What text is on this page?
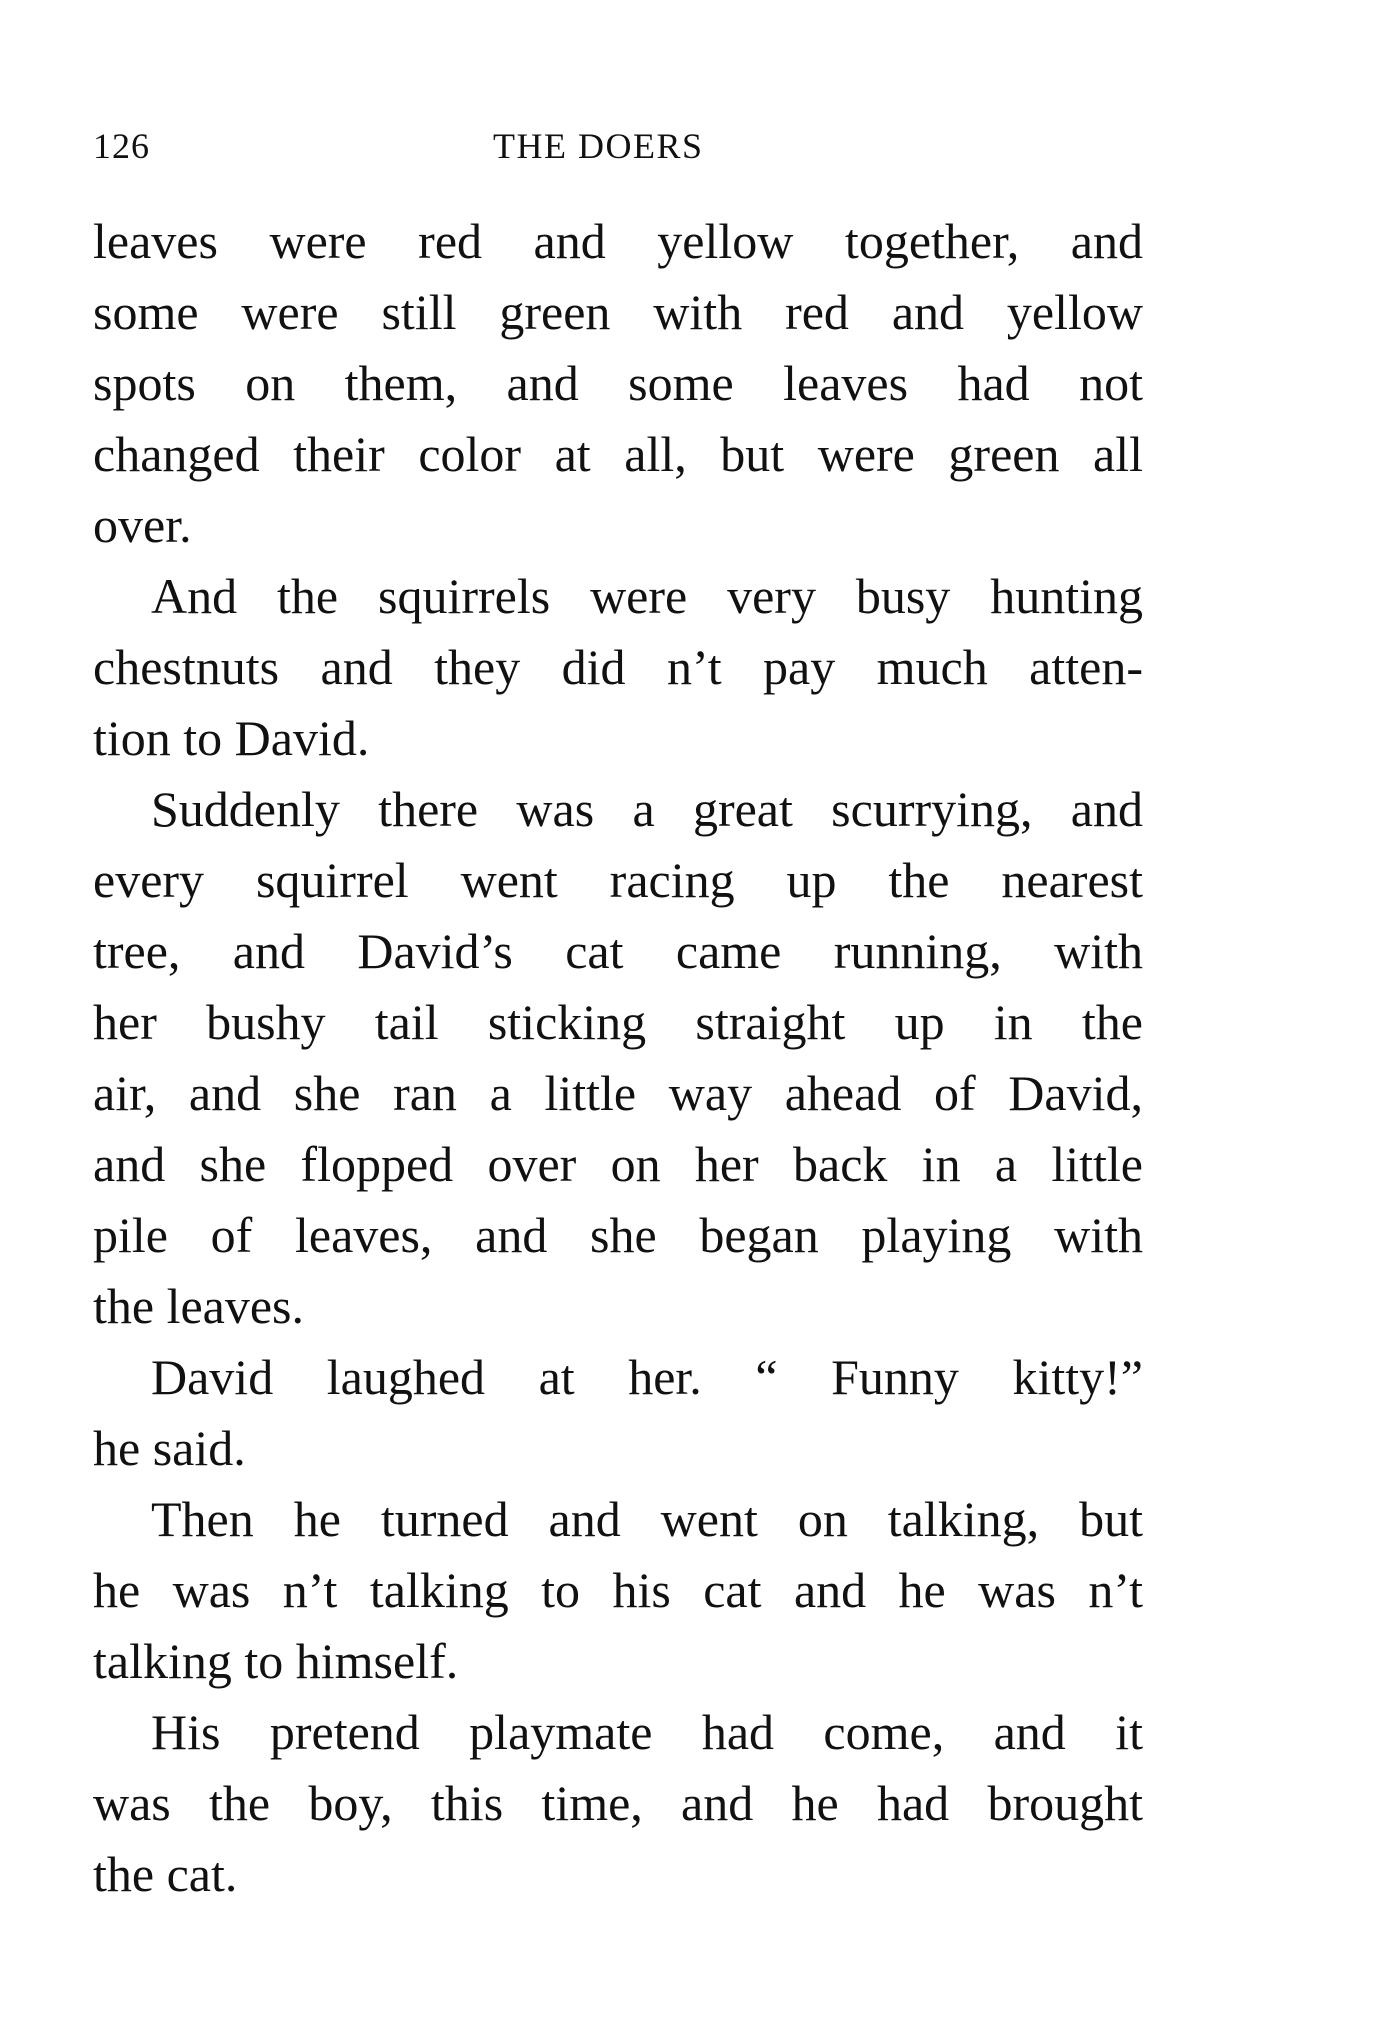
126	THE DOERS

leaves were red and yellow together, and
some were still green with red and yellow
spots on them, and some leaves had not
changed their color at all, but were green all
over.

And the squirrels were very busy hunting
chestnuts and they did n’t pay much atten-
tion to David.

Suddenly there was a great scurrying, and
every squirrel went racing up the nearest
tree, and David’s cat came running, with
her bushy tail sticking straight up in the
air, and she ran a little way ahead of David,
and she flopped over on her back in a little
pile of leaves, and she began playing with
the leaves.

David laughed at her. “ Funny kitty!”
he said.

Then he turned and went on talking, but
he was n’t talking to his cat and he was n’t
talking to himself.

His pretend playmate had come, and it
was the boy, this time, and he had brought
the cat.
